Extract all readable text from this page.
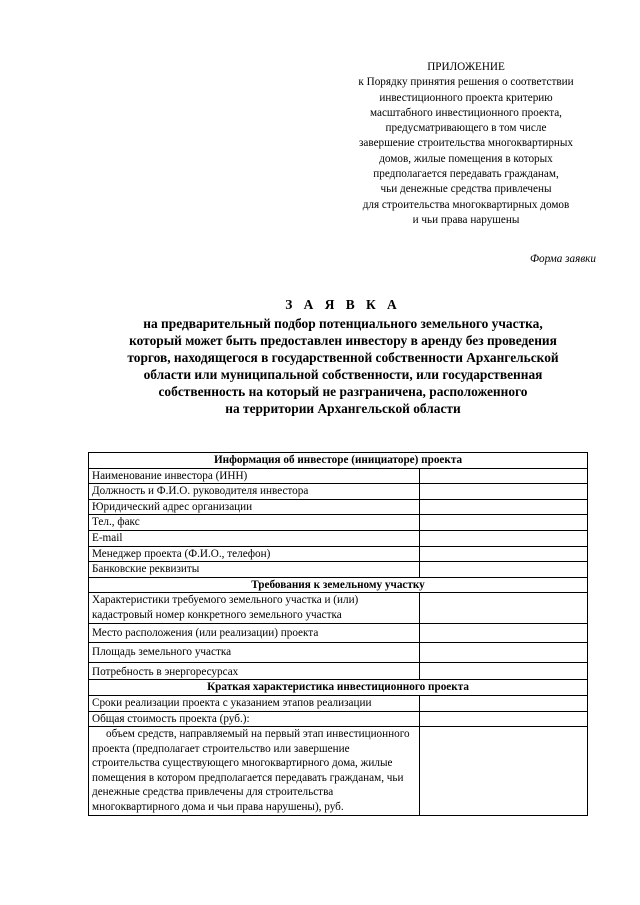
ПРИЛОЖЕНИЕ
к Порядку принятия решения о соответствии
инвестиционного проекта критерию
масштабного инвестиционного проекта,
предусматривающего в том числе
завершение строительства многоквартирных
домов, жилые помещения в которых
предполагается передавать гражданам,
чьи денежные средства привлечены
для строительства многоквартирных домов
и чьи права нарушены
Форма заявки
З А Я В К А
на предварительный подбор потенциального земельного участка,
который может быть предоставлен инвестору в аренду без проведения
торгов, находящегося в государственной собственности Архангельской
области или муниципальной собственности, или государственная
собственность на который не разграничена, расположенного
на территории Архангельской области
Информация об инвесторе (инициаторе) проекта	
Наименование инвестора (ИНН)	
Должность и Ф.И.О. руководителя инвестора	
Юридический адрес организации	
Тел., факс	
E-mail	
Менеджер проекта (Ф.И.О., телефон)	
Банковские реквизиты	
Требования к земельному участку	
Характеристики требуемого земельного участка и (или) кадастровый номер конкретного земельного участка	
Место расположения (или реализации) проекта	
Площадь земельного участка	
Потребность в энергоресурсах	
Краткая характеристика инвестиционного проекта	
Сроки реализации проекта с указанием этапов реализации	
Общая стоимость проекта (руб.):	
объем средств, направляемый на первый этап инвестиционного проекта (предполагает строительство или завершение строительства существующего многоквартирного дома, жилые помещения в котором предполагается передавать гражданам, чьи денежные средства привлечены для строительства многоквартирного дома и чьи права нарушены), руб.	
